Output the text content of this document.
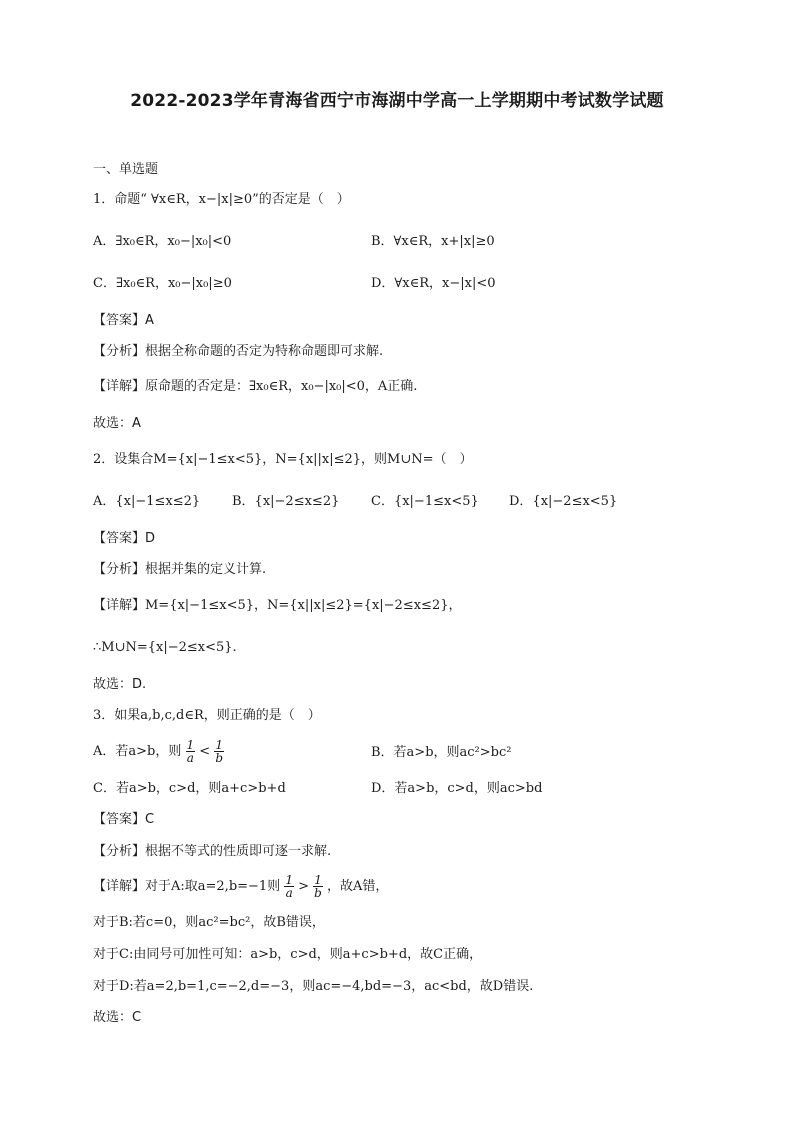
2022-2023学年青海省西宁市海湖中学高一上学期期中考试数学试题
一、单选题
1．命题“ ∀x∈R，x−|x|≥0”的否定是（　）
A．∃x₀∈R，x₀−|x₀|<0	B．∀x∈R，x+|x|≥0
C．∃x₀∈R，x₀−|x₀|≥0	D．∀x∈R，x−|x|<0
【答案】A
【分析】根据全称命题的否定为特称命题即可求解.
【详解】原命题的否定是：∃x₀∈R，x₀−|x₀|<0，A正确.
故选：A
2．设集合M={x|−1≤x<5}，N={x||x|≤2}，则M∪N=（　）
A．{x|−1≤x≤2} B．{x|−2≤x≤2} C．{x|−1≤x<5} D．{x|−2≤x<5}
【答案】D
【分析】根据并集的定义计算.
【详解】M={x|−1≤x<5}，N={x||x|≤2}={x|−2≤x≤2}，
∴M∪N={x|−2≤x<5}.
故选：D.
3．如果a,b,c,d∈R，则正确的是（　）
A．若a>b，则 $\frac{1}{a} < \frac{1}{b}$	B．若a>b，则ac²>bc²
C．若a>b，c>d，则a+c>b+d	D．若a>b，c>d，则ac>bd
【答案】C
【分析】根据不等式的性质即可逐一求解.
【详解】对于A:取a=2,b=−1则 $\frac{1}{a} > \frac{1}{b}$ ，故A错，
对于B:若c=0，则ac²=bc²，故B错误，
对于C:由同号可加性可知：a>b，c>d，则a+c>b+d，故C正确，
对于D:若a=2,b=1,c=−2,d=−3，则ac=−4,bd=−3，ac<bd，故D错误.
故选：C
